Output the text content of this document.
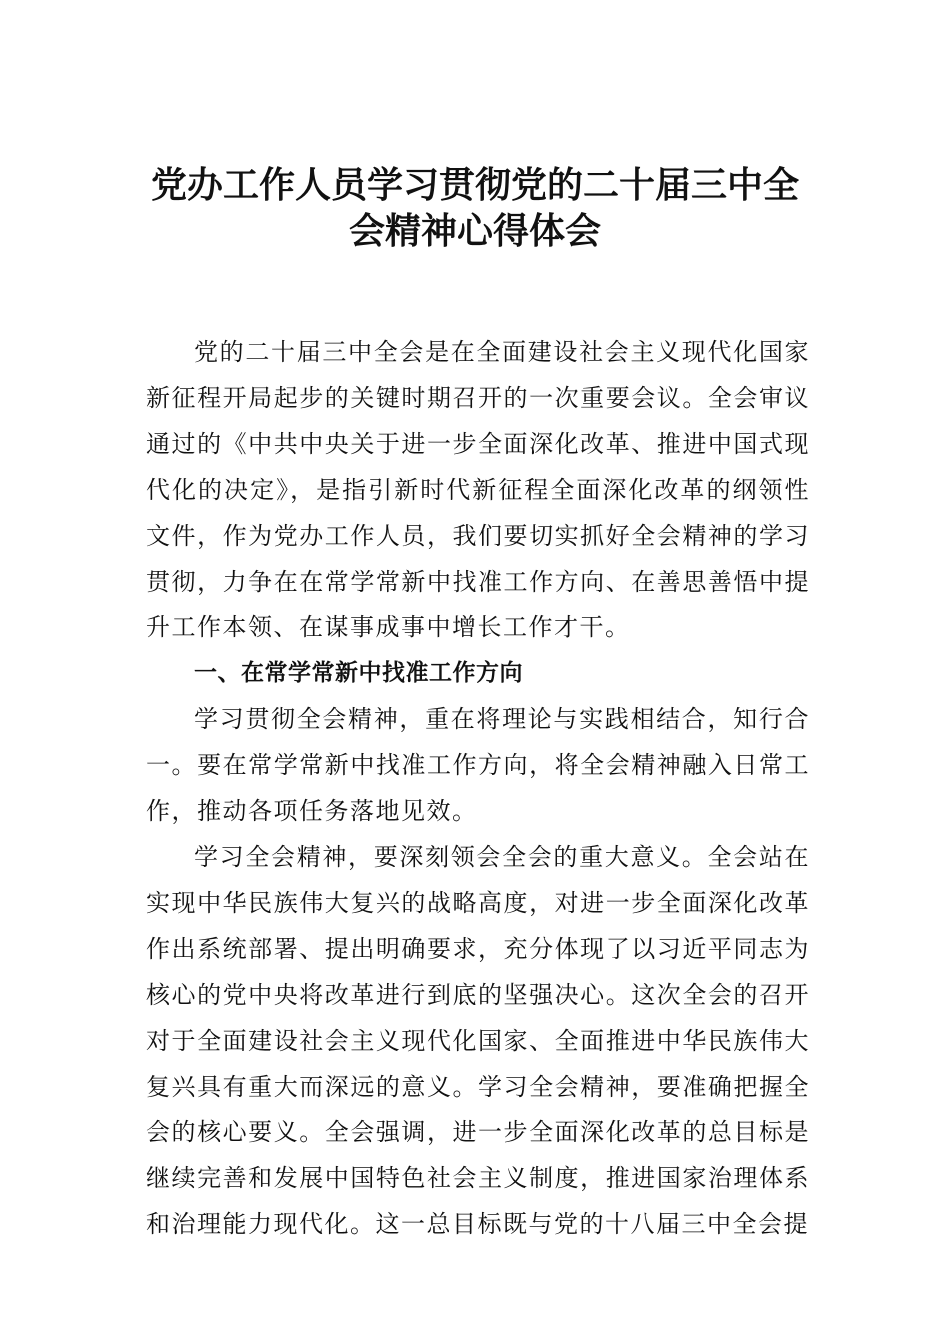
党办工作人员学习贯彻党的二十届三中全
会精神心得体会

党的二十届三中全会是在全面建设社会主义现代化国家新征程开局起步的关键时期召开的一次重要会议。全会审议通过的《中共中央关于进一步全面深化改革、推进中国式现代化的决定》，是指引新时代新征程全面深化改革的纲领性文件，作为党办工作人员，我们要切实抓好全会精神的学习贯彻，力争在在常学常新中找准工作方向、在善思善悟中提升工作本领、在谋事成事中增长工作才干。

一、在常学常新中找准工作方向

学习贯彻全会精神，重在将理论与实践相结合，知行合一。要在常学常新中找准工作方向，将全会精神融入日常工作，推动各项任务落地见效。

学习全会精神，要深刻领会全会的重大意义。全会站在实现中华民族伟大复兴的战略高度，对进一步全面深化改革作出系统部署、提出明确要求，充分体现了以习近平同志为核心的党中央将改革进行到底的坚强决心。这次全会的召开对于全面建设社会主义现代化国家、全面推进中华民族伟大复兴具有重大而深远的意义。学习全会精神，要准确把握全会的核心要义。全会强调，进一步全面深化改革的总目标是继续完善和发展中国特色社会主义制度，推进国家治理体系和治理能力现代化。这一总目标既与党的十八届三中全会提
